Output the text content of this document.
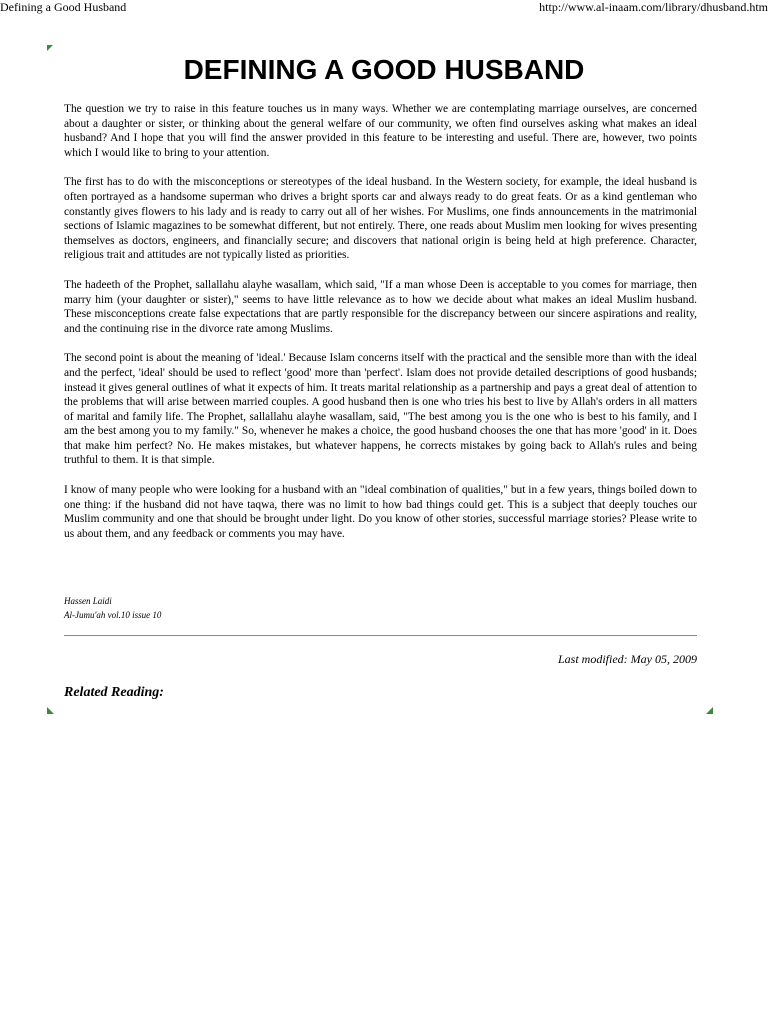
Defining a Good Husband	http://www.al-inaam.com/library/dhusband.htm
DEFINING A GOOD HUSBAND

The question we try to raise in this feature touches us in many ways. Whether we are contemplating marriage ourselves, are concerned about a daughter or sister, or thinking about the general welfare of our community, we often find ourselves asking what makes an ideal husband? And I hope that you will find the answer provided in this feature to be interesting and useful. There are, however, two points which I would like to bring to your attention.

The first has to do with the misconceptions or stereotypes of the ideal husband. In the Western society, for example, the ideal husband is often portrayed as a handsome superman who drives a bright sports car and always ready to do great feats. Or as a kind gentleman who constantly gives flowers to his lady and is ready to carry out all of her wishes. For Muslims, one finds announcements in the matrimonial sections of Islamic magazines to be somewhat different, but not entirely. There, one reads about Muslim men looking for wives presenting themselves as doctors, engineers, and financially secure; and discovers that national origin is being held at high preference. Character, religious trait and attitudes are not typically listed as priorities.

The hadeeth of the Prophet, sallallahu alayhe wasallam, which said, "If a man whose Deen is acceptable to you comes for marriage, then marry him (your daughter or sister)," seems to have little relevance as to how we decide about what makes an ideal Muslim husband. These misconceptions create false expectations that are partly responsible for the discrepancy between our sincere aspirations and reality, and the continuing rise in the divorce rate among Muslims.

The second point is about the meaning of 'ideal.' Because Islam concerns itself with the practical and the sensible more than with the ideal and the perfect, 'ideal' should be used to reflect 'good' more than 'perfect'. Islam does not provide detailed descriptions of good husbands; instead it gives general outlines of what it expects of him. It treats marital relationship as a partnership and pays a great deal of attention to the problems that will arise between married couples. A good husband then is one who tries his best to live by Allah's orders in all matters of marital and family life. The Prophet, sallallahu alayhe wasallam, said, "The best among you is the one who is best to his family, and I am the best among you to my family." So, whenever he makes a choice, the good husband chooses the one that has more 'good' in it. Does that make him perfect? No. He makes mistakes, but whatever happens, he corrects mistakes by going back to Allah's rules and being truthful to them. It is that simple.

I know of many people who were looking for a husband with an "ideal combination of qualities," but in a few years, things boiled down to one thing: if the husband did not have taqwa, there was no limit to how bad things could get. This is a subject that deeply touches our Muslim community and one that should be brought under light. Do you know of other stories, successful marriage stories? Please write to us about them, and any feedback or comments you may have.

Hassen Laidi
Al-Jumu'ah vol.10 issue 10
Last modified: May 05, 2009
Related Reading:
